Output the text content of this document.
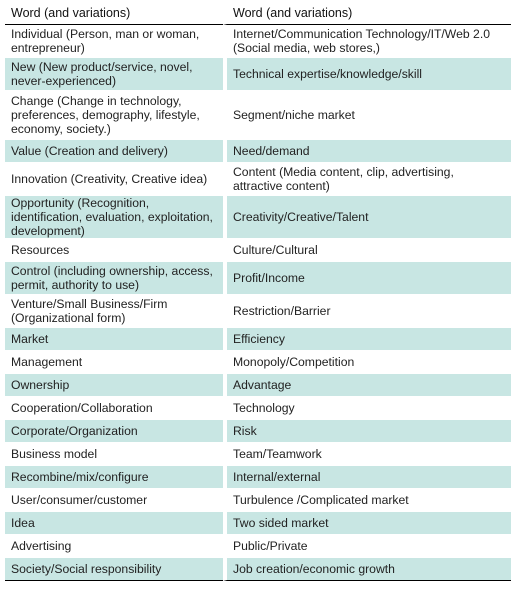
Word (and variations)	Word (and variations)
Individual (Person, man or woman, entrepreneur)	Internet/Communication Technology/IT/Web 2.0 (Social media, web stores,)
New (New product/service, novel, never-experienced)	Technical expertise/knowledge/skill
Change (Change in technology, preferences, demography, lifestyle, economy, society.)	Segment/niche market
Value (Creation and delivery)	Need/demand
Innovation (Creativity, Creative idea)	Content (Media content, clip, advertising, attractive content)
Opportunity (Recognition, identification, evaluation, exploitation, development)	Creativity/Creative/Talent
Resources	Culture/Cultural
Control (including ownership, access, permit, authority to use)	Profit/Income
Venture/Small Business/Firm (Organizational form)	Restriction/Barrier
Market	Efficiency
Management	Monopoly/Competition
Ownership	Advantage
Cooperation/Collaboration	Technology
Corporate/Organization	Risk
Business model	Team/Teamwork
Recombine/mix/configure	Internal/external
User/consumer/customer	Turbulence /Complicated market
Idea	Two sided market
Advertising	Public/Private
Society/Social responsibility	Job creation/economic growth
